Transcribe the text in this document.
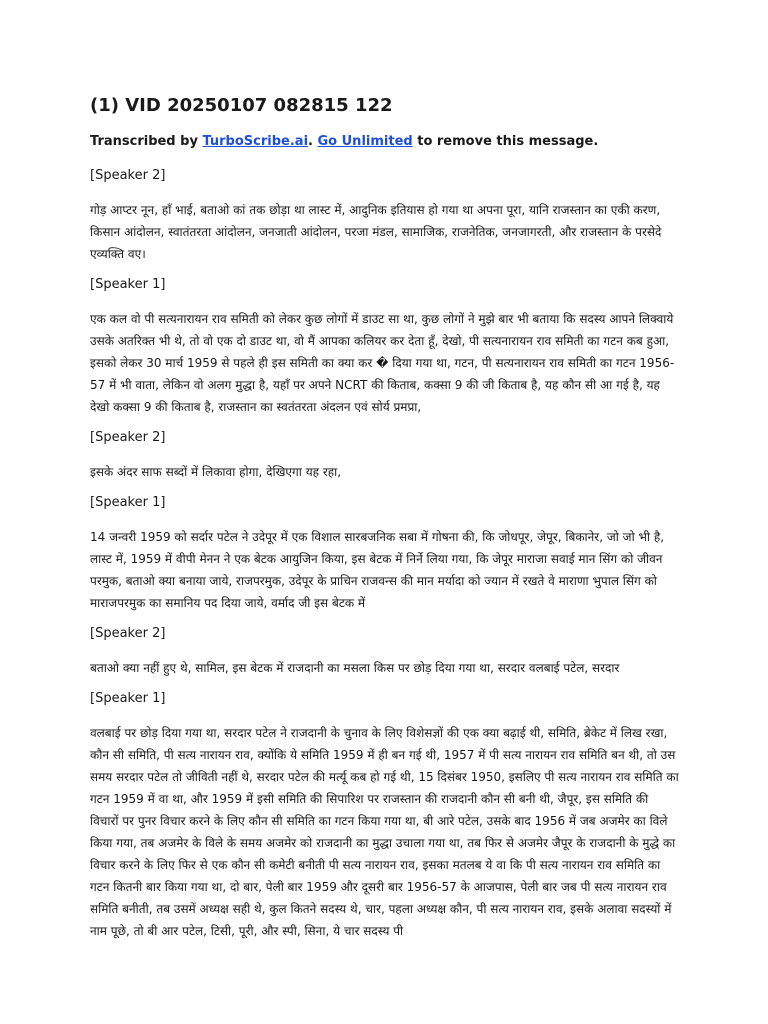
(1) VID 20250107 082815 122
Transcribed by TurboScribe.ai. Go Unlimited to remove this message.

[Speaker 2]

गोड़ आप्टर नून, हाँ भाई, बताओ कां तक छोड़ा था लास्ट में, आदुनिक इतियास हो गया था अपना पूरा, यानि राजस्तान का एकी करण, किसान आंदोलन, स्वातंतरता आंदोलन, जनजाती आंदोलन, परजा मंडल, सामाजिक, राजनेतिक, जनजागरती, और राजस्तान के परसेदे एव्यक्ति वए।

[Speaker 1]

एक कल वो पी सत्यनारायन राव समिती को लेकर कुछ लोगों में डाउट सा था, कुछ लोगों ने मुझे बार भी बताया कि सदस्य आपने लिक्वाये उसके अतरिक्त भी थे, तो वो एक दो डाउट था, वो मैं आपका कलियर कर देता हूँ, देखो, पी सत्यनारायन राव समिती का गटन कब हुआ, इसको लेकर 30 मार्च 1959 से पहले ही इस समिती का क्या कर � दिया गया था, गटन, पी सत्यनारायन राव समिती का गटन 1956-57 में भी वाता, लेकिन वो अलग मुद्धा है, यहाँ पर अपने NCRT की किताब, कक्सा 9 की जी किताब है, यह कौन सी आ गई है, यह देखो कक्सा 9 की किताब है, राजस्तान का स्वतंतरता अंदलन एवं सोर्य प्रमप्रा,

[Speaker 2]

इसके अंदर साफ सब्दों में लिकावा होगा, देखिएगा यह रहा,

[Speaker 1]

14 जन्वरी 1959 को सर्दार पटेल ने उदेपूर में एक विशाल सारबजनिक सबा में गोषना की, कि जोधपूर, जेपूर, बिकानेर, जो जो भी है, लास्ट में, 1959 में वीपी मेनन ने एक बेटक आयुजिन किया, इस बेटक में निर्ने लिया गया, कि जेपूर माराजा सवाई मान सिंग को जीवन परमुक, बताओ क्या बनाया जाये, राजपरमुक, उदेपूर के प्राचिन राजवन्स की मान मर्यादा को ज्यान में रखते वे माराणा भुपाल सिंग को माराजपरमुक का समानिय पद दिया जाये, वर्माद जी इस बेटक में

[Speaker 2]

बताओ क्या नहीं हुए थे, सामिल, इस बेटक में राजदानी का मसला किस पर छोड़ दिया गया था, सरदार वलबाई पटेल, सरदार

[Speaker 1]

वलबाई पर छोड़ दिया गया था, सरदार पटेल ने राजदानी के चुनाव के लिए विशेसज्ञों की एक क्या बढ़ाई थी, समिति, ब्रेकेट में लिख रखा, कौन सी समिति, पी सत्य नारायन राव, क्योंकि ये समिति 1959 में ही बन गई थी, 1957 में पी सत्य नारायन राव समिति बन थी, तो उस समय सरदार पटेल तो जीविती नहीं थे, सरदार पटेल की मर्त्यू कब हो गई थी, 15 दिसंबर 1950, इसलिए पी सत्य नारायन राव समिति का गटन 1959 में वा था, और 1959 में इसी समिति की सिपारिश पर राजस्तान की राजदानी कौन सी बनी थी, जैपूर, इस समिति की विचारों पर पुनर विचार करने के लिए कौन सी समिति का गटन किया गया था, बी आरे पटेल, उसके बाद 1956 में जब अजमेर का विले किया गया, तब अजमेर के विले के समय अजमेर को राजदानी का मुद्धा उचाला गया था, तब फिर से अजमेर जैपूर के राजदानी के मुद्धे का विचार करने के लिए फिर से एक कौन सी कमेटी बनीती पी सत्य नारायन राव, इसका मतलब ये वा कि पी सत्य नारायन राव समिति का गटन कितनी बार किया गया था, दो बार, पेली बार 1959 और दूसरी बार 1956-57 के आजपास, पेली बार जब पी सत्य नारायन राव समिति बनीती, तब उसमें अध्यक्ष सही थे, कुल कितने सदस्य थे, चार, पहला अध्यक्ष कौन, पी सत्य नारायन राव, इसके अलावा सदस्यों में नाम पूछे, तो बी आर पटेल, टिसी, पूरी, और स्पी, सिना, ये चार सदस्य पी
